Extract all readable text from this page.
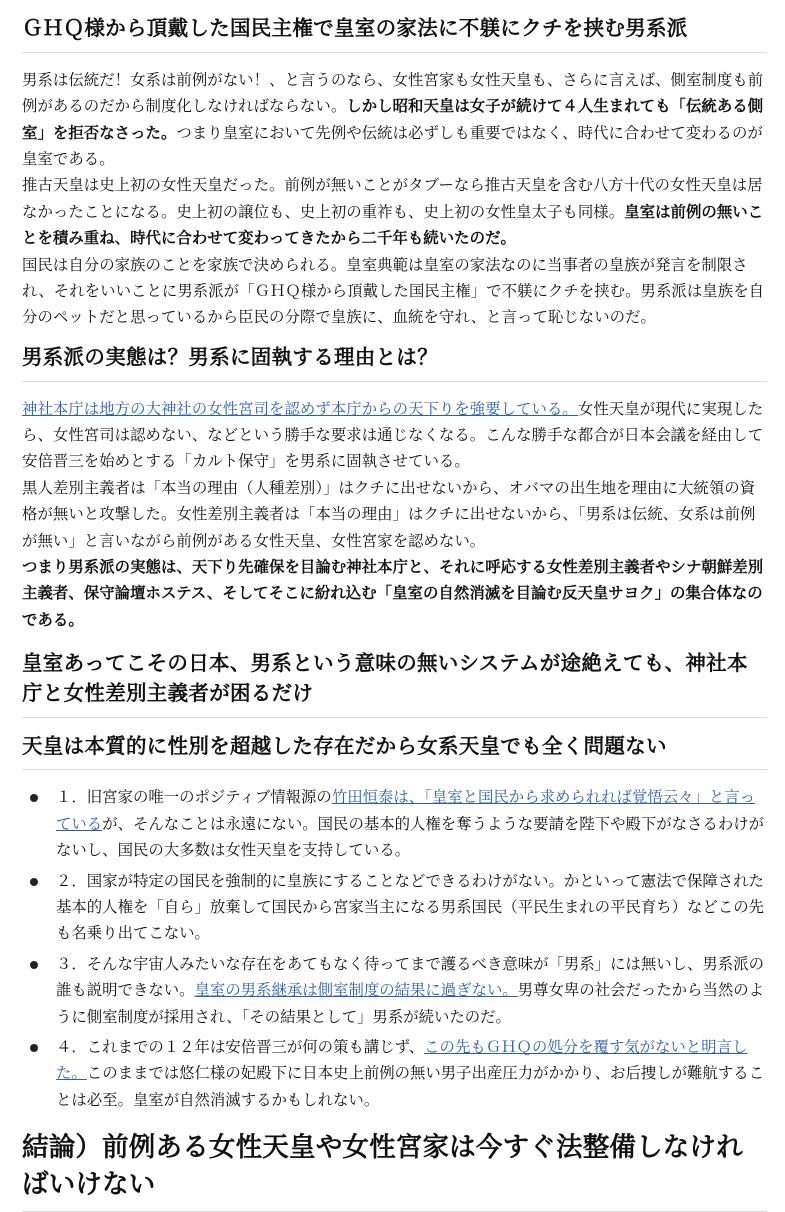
ＧＨＱ様から頂戴した国民主権で皇室の家法に不躾にクチを挟む男系派

男系は伝統だ！女系は前例がない！、と言うのなら、女性宮家も女性天皇も、さらに言えば、側室制度も前例があるのだから制度化しなければならない。しかし昭和天皇は女子が続けて４人生まれても「伝統ある側室」を拒否なさった。つまり皇室において先例や伝統は必ずしも重要ではなく、時代に合わせて変わるのが皇室である。

推古天皇は史上初の女性天皇だった。前例が無いことがタブーなら推古天皇を含む八方十代の女性天皇は居なかったことになる。史上初の譲位も、史上初の重祚も、史上初の女性皇太子も同様。皇室は前例の無いことを積み重ね、時代に合わせて変わってきたから二千年も続いたのだ。

国民は自分の家族のことを家族で決められる。皇室典範は皇室の家法なのに当事者の皇族が発言を制限され、それをいいことに男系派が「ＧＨＱ様から頂戴した国民主権」で不躾にクチを挟む。男系派は皇族を自分のペットだと思っているから臣民の分際で皇族に、血統を守れ、と言って恥じないのだ。

男系派の実態は？男系に固執する理由とは？

神社本庁は地方の大神社の女性宮司を認めず本庁からの天下りを強要している。女性天皇が現代に実現したら、女性宮司は認めない、などという勝手な要求は通じなくなる。こんな勝手な都合が日本会議を経由して安倍晋三を始めとする「カルト保守」を男系に固執させている。

黒人差別主義者は「本当の理由（人種差別）」はクチに出せないから、オバマの出生地を理由に大統領の資格が無いと攻撃した。女性差別主義者は「本当の理由」はクチに出せないから、「男系は伝統、女系は前例が無い」と言いながら前例がある女性天皇、女性宮家を認めない。

つまり男系派の実態は、天下り先確保を目論む神社本庁と、それに呼応する女性差別主義者やシナ朝鮮差別主義者、保守論壇ホステス、そしてそこに紛れ込む「皇室の自然消滅を目論む反天皇サヨク」の集合体なのである。

皇室あってこその日本、男系という意味の無いシステムが途絶えても、神社本庁と女性差別主義者が困るだけ
天皇は本質的に性別を超越した存在だから女系天皇でも全く問題ない
１．旧宮家の唯一のポジティブ情報源の竹田恒泰は、「皇室と国民から求められれば覚悟云々」と言っているが、そんなことは永遠にない。国民の基本的人権を奪うような要請を陛下や殿下がなさるわけがないし、国民の大多数は女性天皇を支持している。
２．国家が特定の国民を強制的に皇族にすることなどできるわけがない。かといって憲法で保障された基本的人権を「自ら」放棄して国民から宮家当主になる男系国民（平民生まれの平民育ち）などこの先も名乗り出てこない。
３．そんな宇宙人みたいな存在をあてもなく待ってまで護るべき意味が「男系」には無いし、男系派の誰も説明できない。皇室の男系継承は側室制度の結果に過ぎない。男尊女卑の社会だったから当然のように側室制度が採用され、「その結果として」男系が続いたのだ。
４．これまでの１２年は安倍晋三が何の策も講じず、この先もＧＨＱの処分を覆す気がないと明言した。このままでは悠仁様の妃殿下に日本史上前例の無い男子出産圧力がかかり、お后捜しが難航することは必至。皇室が自然消滅するかもしれない。
結論）前例ある女性天皇や女性宮家は今すぐ法整備しなければいけない
